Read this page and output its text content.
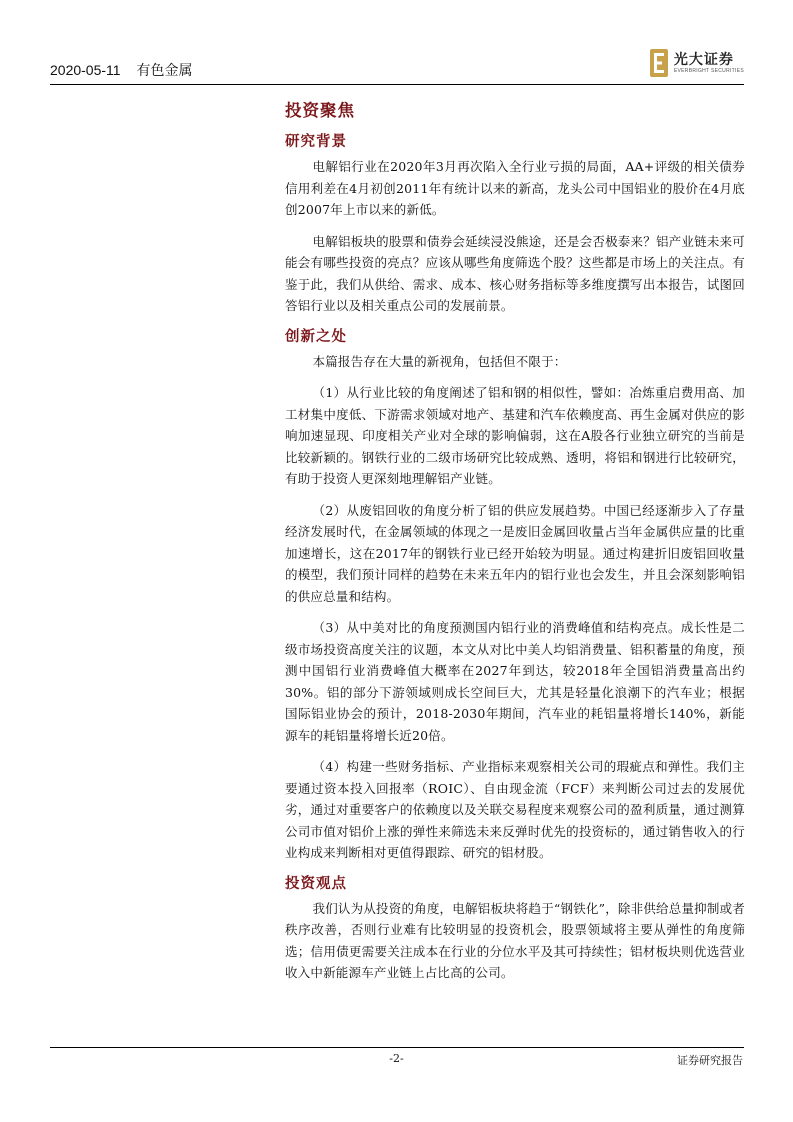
2020-05-11 有色金属
光大证券
EVERBRIGHT SECURITIES
投资聚焦
研究背景

电解铝行业在2020年3月再次陷入全行业亏损的局面，AA+评级的相关债券信用利差在4月初创2011年有统计以来的新高，龙头公司中国铝业的股价在4月底创2007年上市以来的新低。

电解铝板块的股票和债券会延续浸没熊途，还是会否极泰来？铝产业链未来可能会有哪些投资的亮点？应该从哪些角度筛选个股？这些都是市场上的关注点。有鉴于此，我们从供给、需求、成本、核心财务指标等多维度撰写出本报告，试图回答铝行业以及相关重点公司的发展前景。

创新之处

本篇报告存在大量的新视角，包括但不限于：

（1）从行业比较的角度阐述了铝和钢的相似性，譬如：冶炼重启费用高、加工材集中度低、下游需求领域对地产、基建和汽车依赖度高、再生金属对供应的影响加速显现、印度相关产业对全球的影响偏弱，这在A股各行业独立研究的当前是比较新颖的。钢铁行业的二级市场研究比较成熟、透明，将铝和钢进行比较研究，有助于投资人更深刻地理解铝产业链。

（2）从废铝回收的角度分析了铝的供应发展趋势。中国已经逐渐步入了存量经济发展时代，在金属领域的体现之一是废旧金属回收量占当年金属供应量的比重加速增长，这在2017年的钢铁行业已经开始较为明显。通过构建折旧废铝回收量的模型，我们预计同样的趋势在未来五年内的铝行业也会发生，并且会深刻影响铝的供应总量和结构。

（3）从中美对比的角度预测国内铝行业的消费峰值和结构亮点。成长性是二级市场投资高度关注的议题，本文从对比中美人均铝消费量、铝积蓄量的角度，预测中国铝行业消费峰值大概率在2027年到达，较2018年全国铝消费量高出约30%。铝的部分下游领域则成长空间巨大，尤其是轻量化浪潮下的汽车业；根据国际铝业协会的预计，2018-2030年期间，汽车业的耗铝量将增长140%，新能源车的耗铝量将增长近20倍。

（4）构建一些财务指标、产业指标来观察相关公司的瑕疵点和弹性。我们主要通过资本投入回报率（ROIC）、自由现金流（FCF）来判断公司过去的发展优劣，通过对重要客户的依赖度以及关联交易程度来观察公司的盈利质量，通过测算公司市值对铝价上涨的弹性来筛选未来反弹时优先的投资标的，通过销售收入的行业构成来判断相对更值得跟踪、研究的铝材股。

投资观点

我们认为从投资的角度，电解铝板块将趋于“钢铁化”，除非供给总量抑制或者秩序改善，否则行业难有比较明显的投资机会，股票领域将主要从弹性的角度筛选；信用债更需要关注成本在行业的分位水平及其可持续性；铝材板块则优选营业收入中新能源车产业链上占比高的公司。

-2-	证券研究报告
